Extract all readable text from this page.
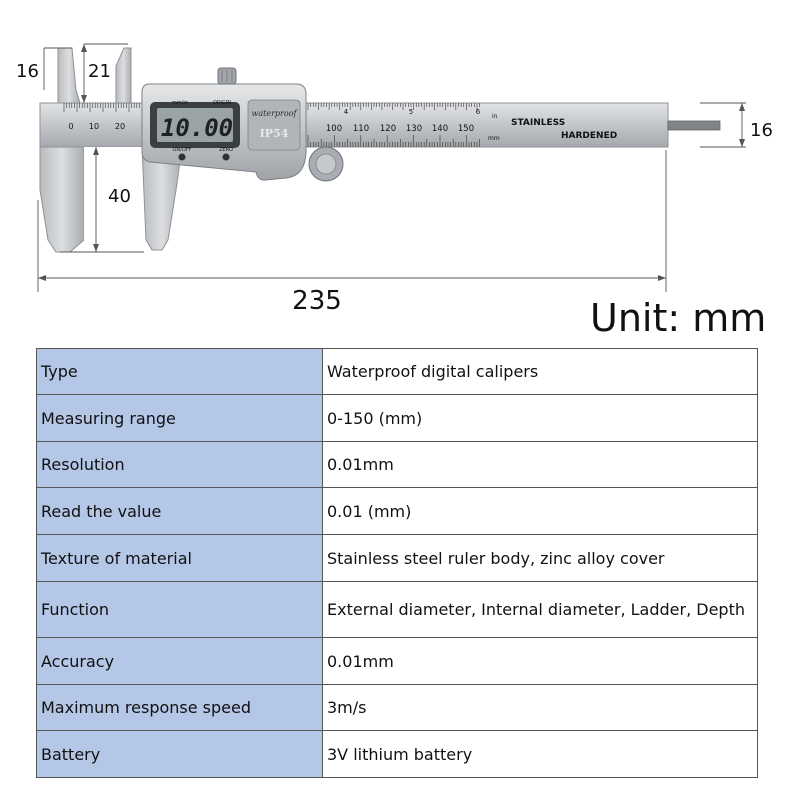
0 10 20	100 110 120 130 140 150
4	5	6
in
mm
STAINLESS
HARDENED
10.00
mm/in	ORIGIN
ON/OFF	ZERO
waterproof
IP54
16	21
40
235
16
Unit: mm
Type	Waterproof digital calipers
Measuring range	0-150 (mm)
Resolution	0.01mm
Read the value	0.01 (mm)
Texture of material	Stainless steel ruler body, zinc alloy cover
Function	External diameter, Internal diameter, Ladder, Depth
Accuracy	0.01mm
Maximum response speed	3m/s
Battery	3V lithium battery
